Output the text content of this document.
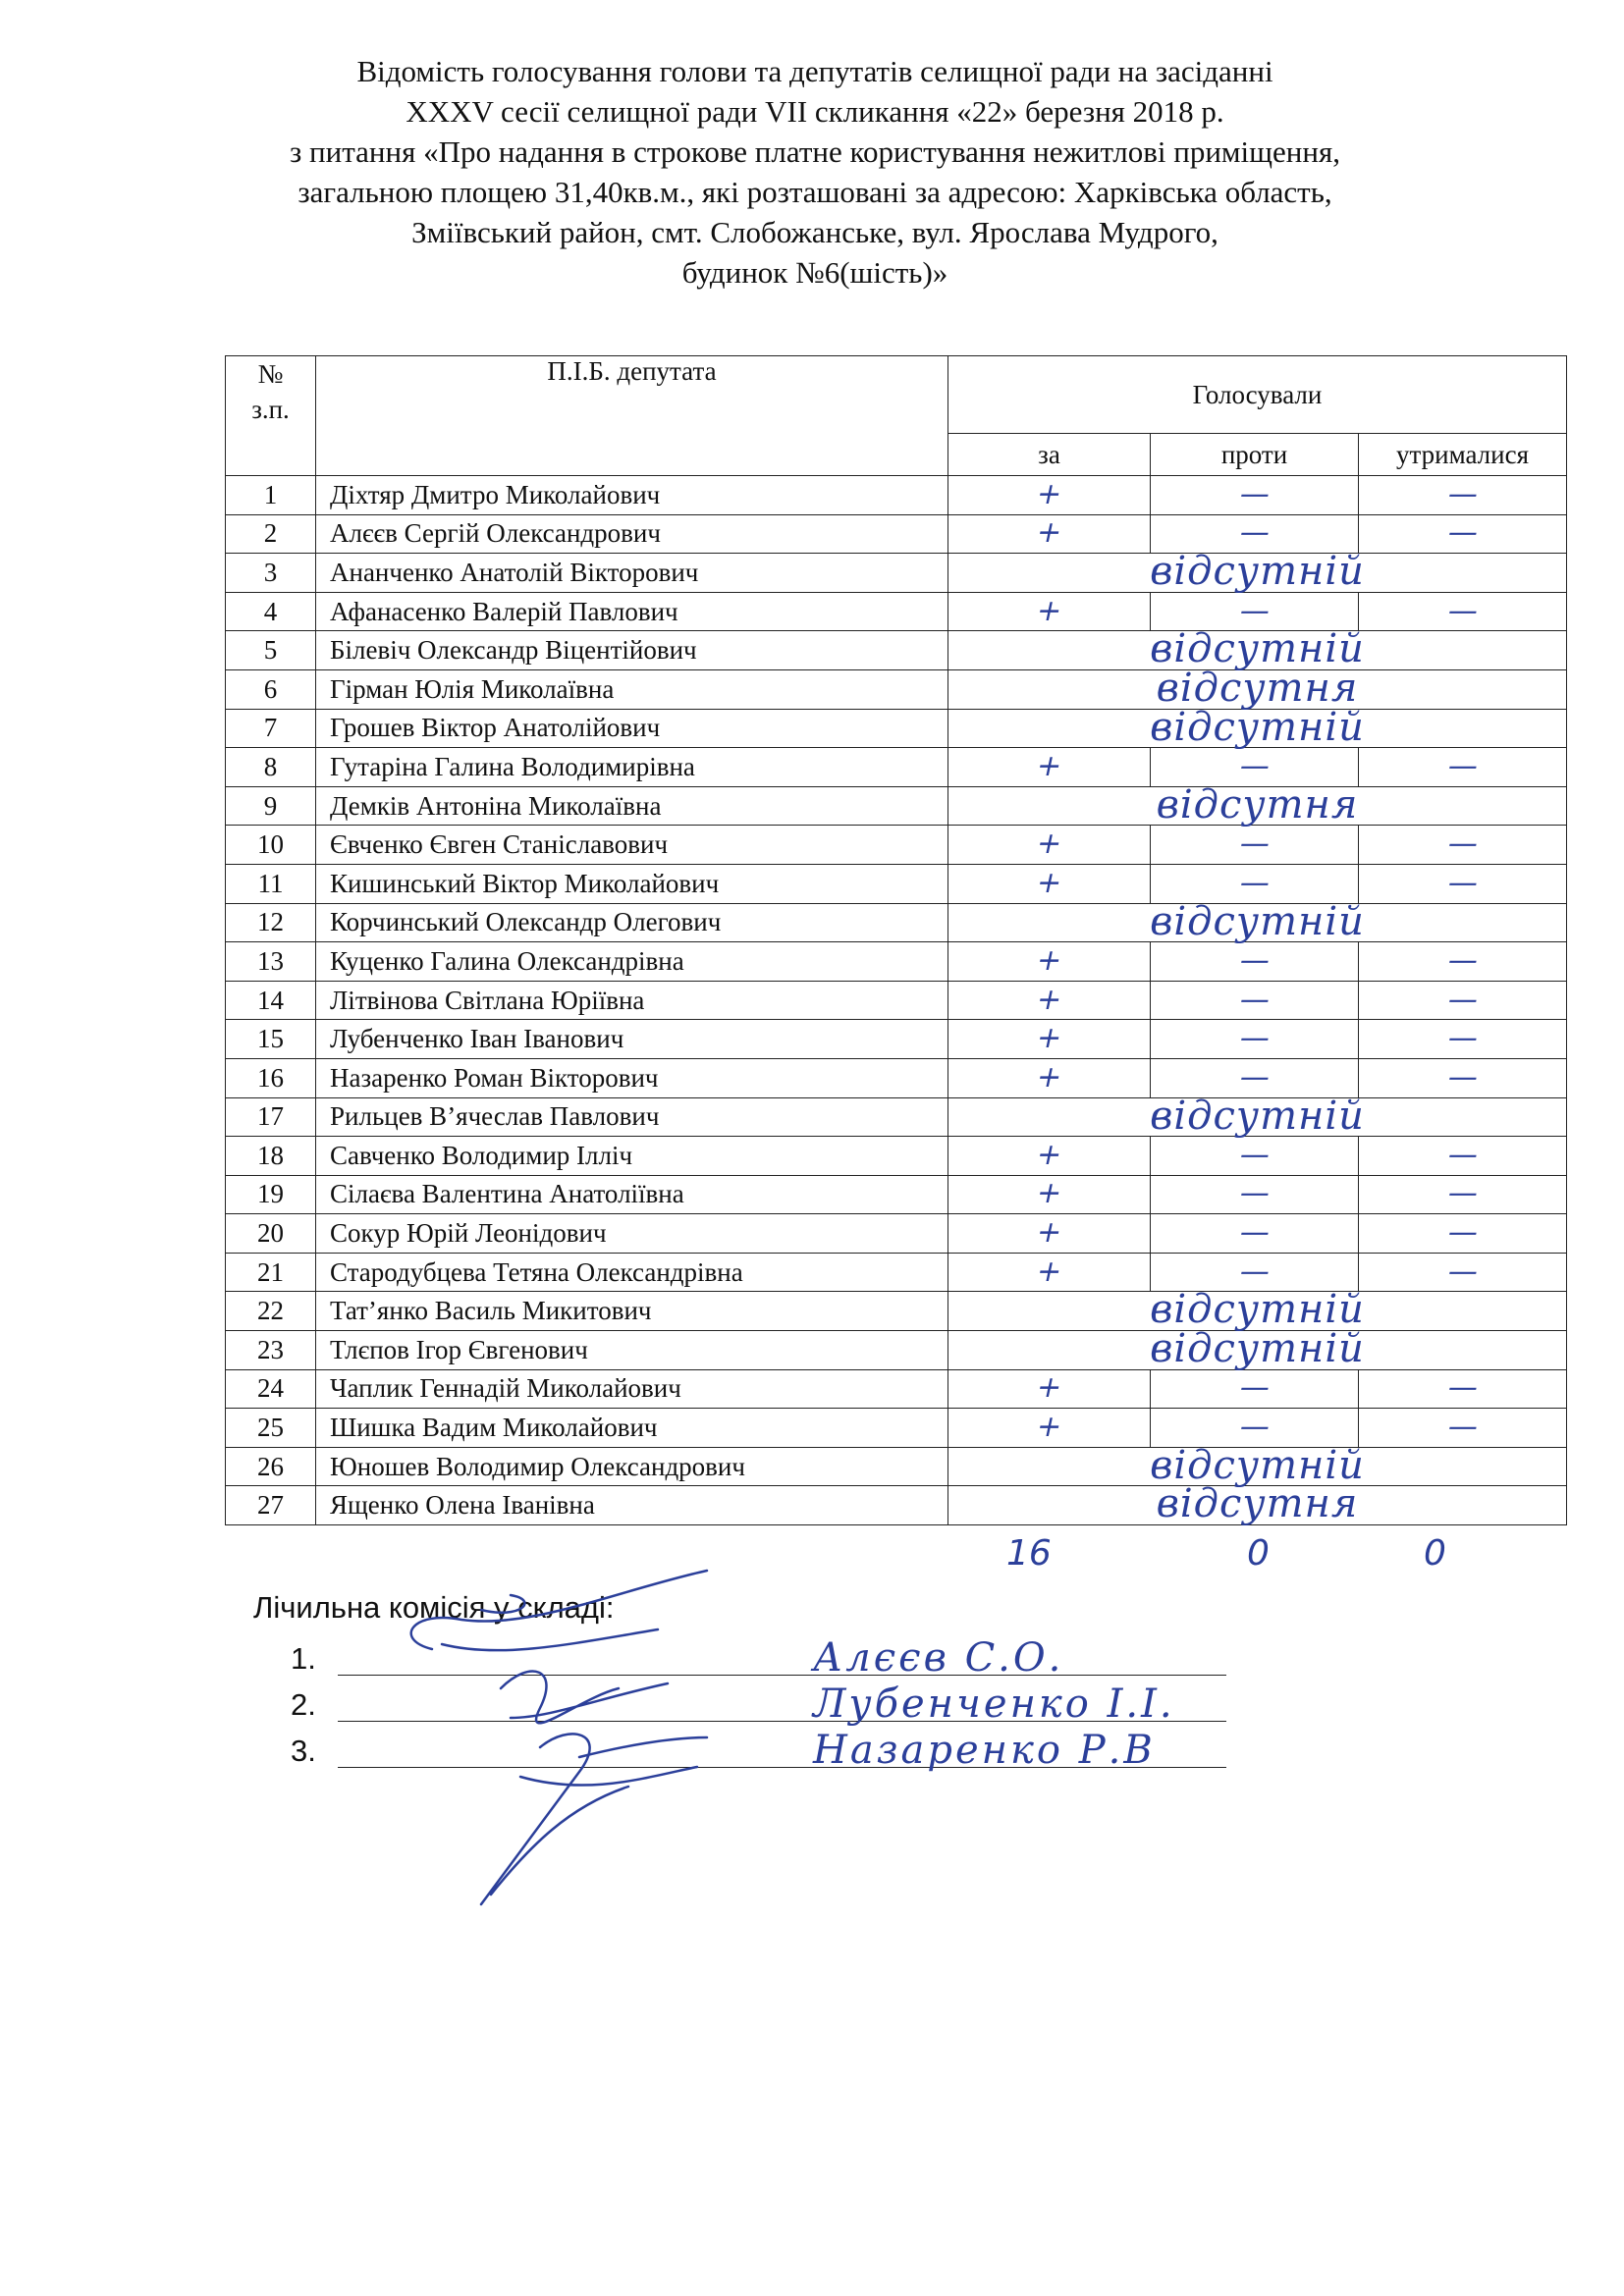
Відомість голосування голови та депутатів селищної ради на засіданні
XXXV сесії селищної ради VII скликання «22» березня 2018 р.
з питання «Про надання в строкове платне користування нежитлові приміщення,
загальною площею 31,40кв.м., які розташовані за адресою: Харківська область,
Зміївський район, смт. Слобожанське, вул. Ярослава Мудрого,
будинок №6(шість)»
№
з.п.	П.І.Б. депутата	Голосували		
		за	проти	утрималися
1	Діхтяр Дмитро Миколайович	+	—	—
2	Алєєв Сергій Олександрович	+	—	—
3	Ананченко Анатолій Вікторович	відсутній		

4	Афанасенко Валерій Павлович	+	—	—
5	Білевіч Олександр Віцентійович	відсутній		

6	Гірман Юлія Миколаївна	відсутня		

7	Грошев Віктор Анатолійович	відсутній		

8	Гутаріна Галина Володимирівна	+	—	—
9	Демків Антоніна Миколаївна	відсутня		

10	Євченко Євген Станіславович	+	—	—
11	Кишинський Віктор Миколайович	+	—	—
12	Корчинський Олександр Олегович	відсутній		

13	Куценко Галина Олександрівна	+	—	—
14	Літвінова Світлана Юріївна	+	—	—
15	Лубенченко Іван Іванович	+	—	—
16	Назаренко Роман Вікторович	+	—	—
17	Рильцев В’ячеслав Павлович	відсутній		

18	Савченко Володимир Ілліч	+	—	—
19	Сілаєва Валентина Анатоліївна	+	—	—
20	Сокур Юрій Леонідович	+	—	—
21	Стародубцева Тетяна Олександрівна	+	—	—
22	Тат’янко Василь Микитович	відсутній		

23	Тлєпов Ігор Євгенович	відсутній		

24	Чаплик Геннадій Миколайович	+	—	—
25	Шишка Вадим Миколайович	+	—	—
26	Юношев Володимир Олександрович	відсутній		

27	Ященко Олена Іванівна	відсутня		
16	0	0
Лічильна комісія у складі:
1.	Алєєв С.О.
2.	Лубенченко І.І.
3.	Назаренко Р.В
